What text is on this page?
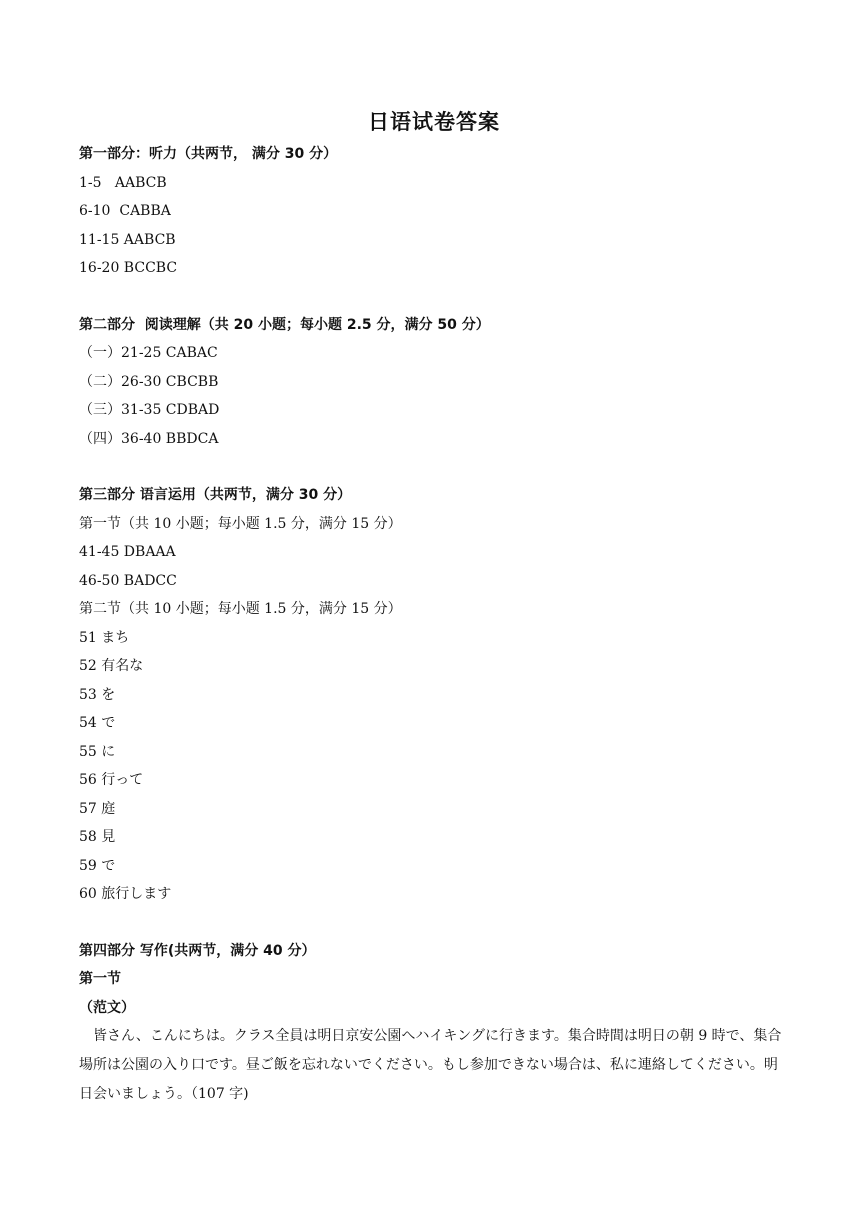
日语试卷答案
第一部分：听力（共两节， 满分 30 分）
1-5   AABCB
6-10  CABBA
11-15 AABCB
16-20 BCCBC
第二部分  阅读理解（共 20 小题；每小题 2.5 分，满分 50 分）
（一）21-25 CABAC
（二）26-30 CBCBB
（三）31-35 CDBAD
（四）36-40 BBDCA
第三部分 语言运用（共两节，满分 30 分）
第一节（共 10 小题；每小题 1.5 分，满分 15 分）
41-45 DBAAA
46-50 BADCC
第二节（共 10 小题；每小题 1.5 分，满分 15 分）
51 まち
52 有名な
53 を
54 で
55 に
56 行って
57 庭
58 見
59 で
60 旅行します
第四部分 写作(共两节，满分 40 分）
第一节
（范文）
皆さん、こんにちは。クラス全員は明日京安公園へハイキングに行きます。集合時間は明日の朝 9 時で、集合場所は公園の入り口です。昼ご飯を忘れないでください。もし参加できない場合は、私に連絡してください。明日会いましょう。（107 字)
